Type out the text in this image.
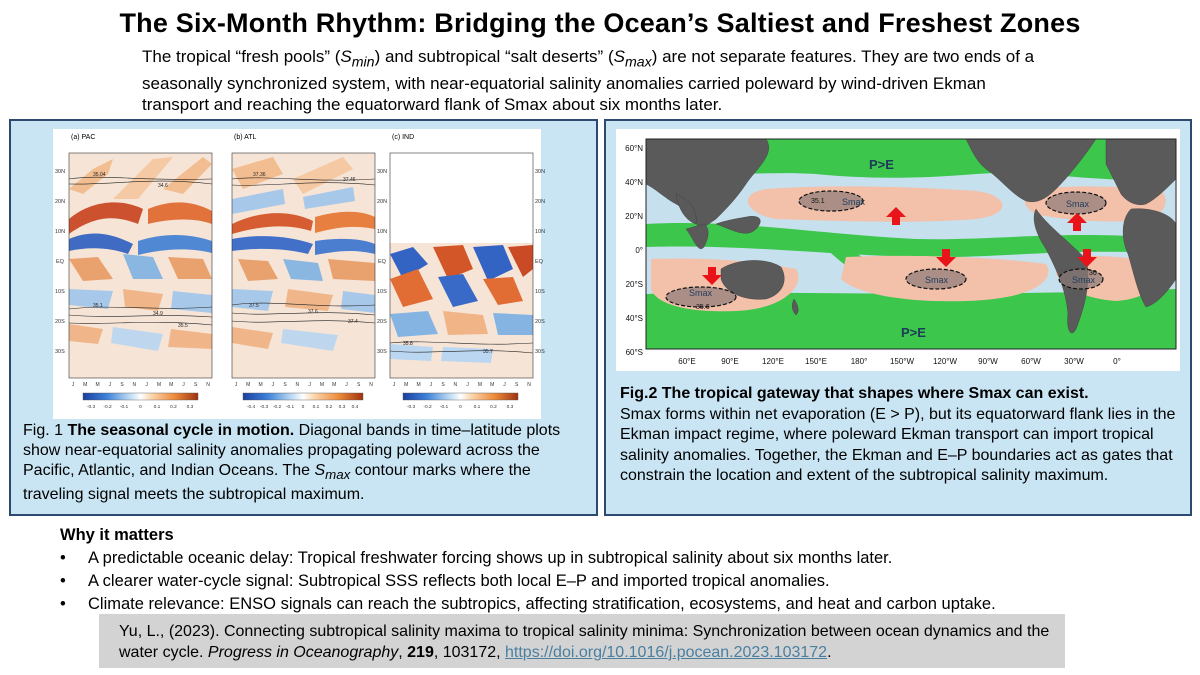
The Six-Month Rhythm: Bridging the Ocean’s Saltiest and Freshest Zones
The tropical “fresh pools” $(S_{min})$ and subtropical “salt deserts” $(S_{max})$ are not separate features. They are two ends of a seasonally synchronized system, with near-equatorial salinity anomalies carried poleward by wind-driven Ekman transport and reaching the equatorward flank of Smax about six months later.
(a) PAC	(b) ATL	(c) IND
30N
20N
10N
EQ
10S
20S
30S
30N
20N
10N
EQ
10S
20S
30S
30N
20N
10N
EQ
10S
20S
30S
35.04
34.6
35.1
34.9
35.5
37.36
37.46
37.5
37.6
37.4
35.8
35.7
J M M J S N J M M J S N	J M M J S N J M M J S N	J M M J S N J M M J S N
-0.3 -0.2 -0.1 0 0.1 0.2 0.3	-0.4 -0.3 -0.2 -0.1 0 0.1 0.2 0.3 0.4	-0.3 -0.2 -0.1 0 0.1 0.2 0.3
Fig. 1 The seasonal cycle in motion. Diagonal bands in time–latitude plots show near-equatorial salinity anomalies propagating poleward across the Pacific, Atlantic, and Indian Oceans. The $S_{max}$ contour marks where the traveling signal meets the subtropical maximum.
P>E
P>E
Smax	Smax
Smax
Smax	Smax
35.1
35.6
36
60°N
40°N
20°N
0°
20°S
40°S
60°S
60°E	90°E	120°E	150°E	180°	150°W 120°W	90°W	60°W	30°W	0°
Fig.2 The tropical gateway that shapes where Smax can exist.
Smax forms within net evaporation (E > P), but its equatorward flank lies in the Ekman impact regime, where poleward Ekman transport can import tropical salinity anomalies. Together, the Ekman and E–P boundaries act as gates that constrain the location and extent of the subtropical salinity maximum.
Why it matters
• A predictable oceanic delay: Tropical freshwater forcing shows up in subtropical salinity about six months later.
• A clearer water-cycle signal: Subtropical SSS reflects both local E–P and imported tropical anomalies.
• Climate relevance: ENSO signals can reach the subtropics, affecting stratification, ecosystems, and heat and carbon uptake.
Yu, L., (2023). Connecting subtropical salinity maxima to tropical salinity minima: Synchronization between ocean dynamics and the water cycle. Progress in Oceanography, 219, 103172, https://doi.org/10.1016/j.pocean.2023.103172.
